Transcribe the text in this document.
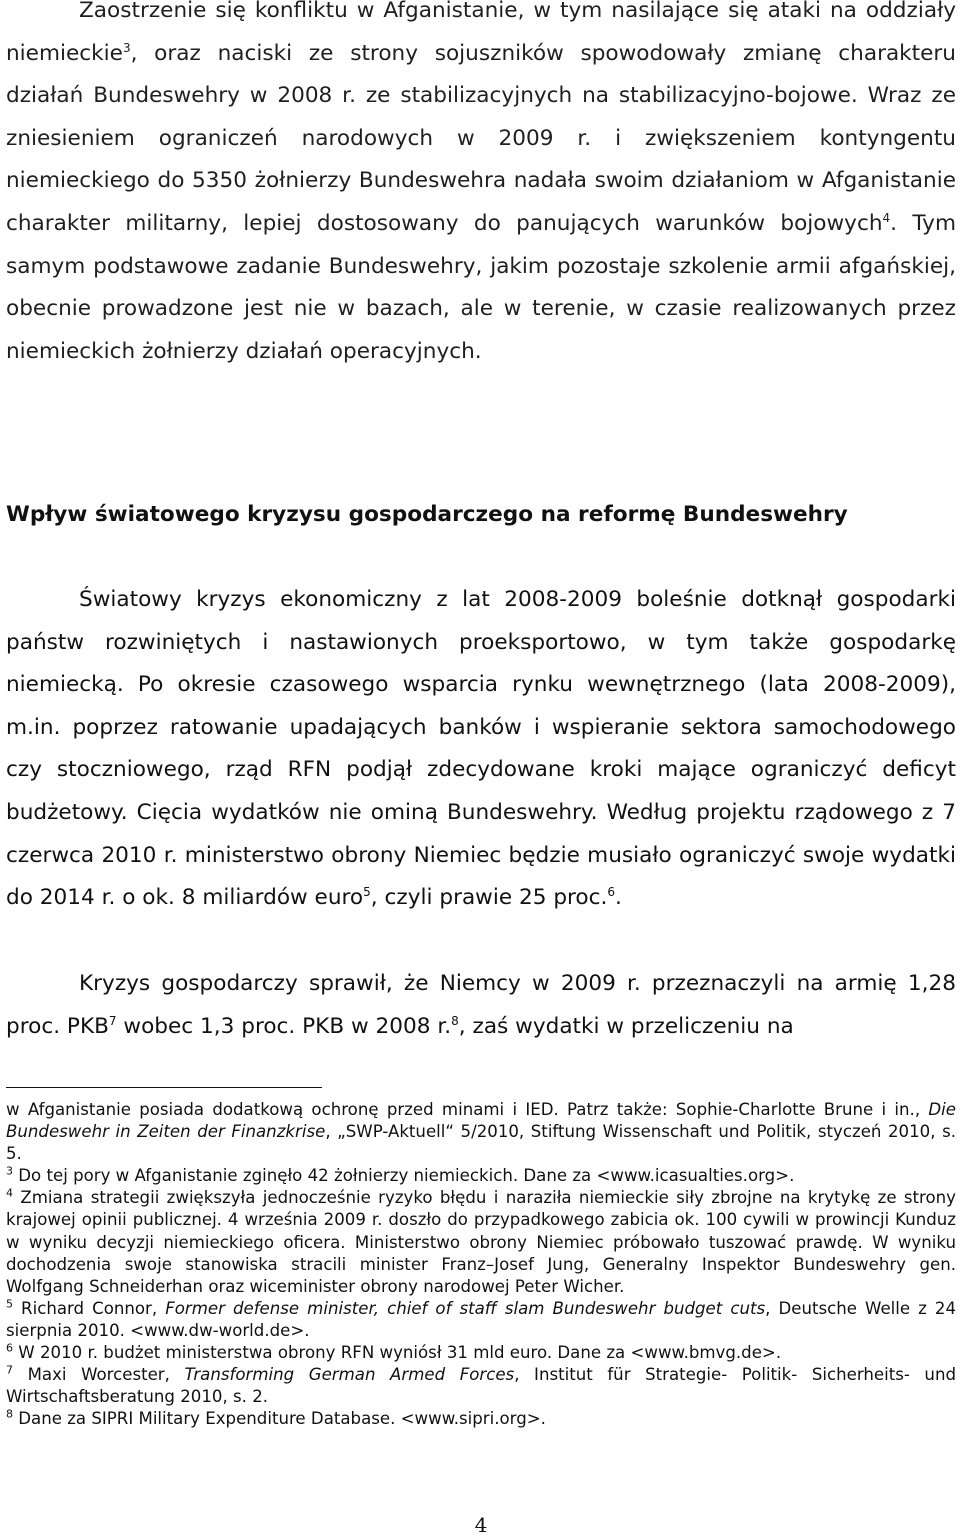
Zaostrzenie się konfliktu w Afganistanie, w tym nasilające się ataki na oddziały niemieckie$^3$, oraz naciski ze strony sojuszników spowodowały zmianę charakteru działań Bundeswehry w 2008 r. ze stabilizacyjnych na stabilizacyjno-bojowe. Wraz ze zniesieniem ograniczeń narodowych w 2009 r. i zwiększeniem kontyngentu niemieckiego do 5350 żołnierzy Bundeswehra nadała swoim działaniom w Afganistanie charakter militarny, lepiej dostosowany do panujących warunków bojowych$^4$. Tym samym podstawowe zadanie Bundeswehry, jakim pozostaje szkolenie armii afgańskiej, obecnie prowadzone jest nie w bazach, ale w terenie, w czasie realizowanych przez niemieckich żołnierzy działań operacyjnych.

Wpływ światowego kryzysu gospodarczego na reformę Bundeswehry

Światowy kryzys ekonomiczny z lat 2008-2009 boleśnie dotknął gospodarki państw rozwiniętych i nastawionych proeksportowo, w tym także gospodarkę niemiecką. Po okresie czasowego wsparcia rynku wewnętrznego (lata 2008-2009), m.in. poprzez ratowanie upadających banków i wspieranie sektora samochodowego czy stoczniowego, rząd RFN podjął zdecydowane kroki mające ograniczyć deficyt budżetowy. Cięcia wydatków nie ominą Bundeswehry. Według projektu rządowego z 7 czerwca 2010 r. ministerstwo obrony Niemiec będzie musiało ograniczyć swoje wydatki do 2014 r. o ok. 8 miliardów euro$^5$, czyli prawie 25 proc.$^6$.

Kryzys gospodarczy sprawił, że Niemcy w 2009 r. przeznaczyli na armię 1,28 proc. PKB$^7$ wobec 1,3 proc. PKB w 2008 r.$^8$, zaś wydatki w przeliczeniu na

w Afganistanie posiada dodatkową ochronę przed minami i IED. Patrz także: Sophie-Charlotte Brune i in., Die Bundeswehr in Zeiten der Finanzkrise, „SWP-Aktuell“ 5/2010, Stiftung Wissenschaft und Politik, styczeń 2010, s. 5.

$^3$ Do tej pory w Afganistanie zginęło 42 żołnierzy niemieckich. Dane za <www.icasualties.org>.

$^4$ Zmiana strategii zwiększyła jednocześnie ryzyko błędu i naraziła niemieckie siły zbrojne na krytykę ze strony krajowej opinii publicznej. 4 września 2009 r. doszło do przypadkowego zabicia ok. 100 cywili w prowincji Kunduz w wyniku decyzji niemieckiego oficera. Ministerstwo obrony Niemiec próbowało tuszować prawdę. W wyniku dochodzenia swoje stanowiska stracili minister Franz–Josef Jung, Generalny Inspektor Bundeswehry gen. Wolfgang Schneiderhan oraz wiceminister obrony narodowej Peter Wicher.

$^5$ Richard Connor, Former defense minister, chief of staff slam Bundeswehr budget cuts, Deutsche Welle z 24 sierpnia 2010. <www.dw-world.de>.

$^6$ W 2010 r. budżet ministerstwa obrony RFN wyniósł 31 mld euro. Dane za <www.bmvg.de>.

$^7$ Maxi Worcester, Transforming German Armed Forces, Institut für Strategie- Politik- Sicherheits- und Wirtschaftsberatung 2010, s. 2.

$^8$ Dane za SIPRI Military Expenditure Database. <www.sipri.org>.

4
